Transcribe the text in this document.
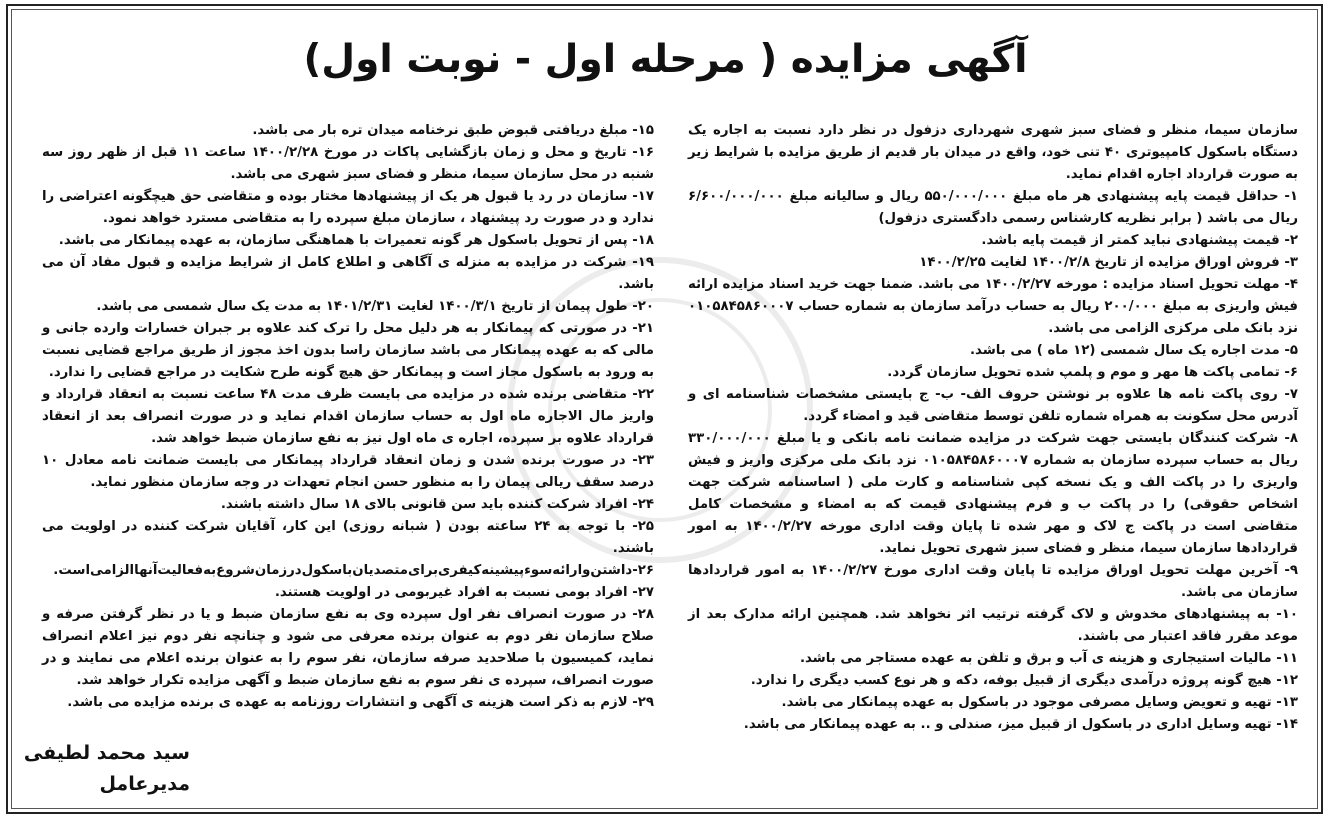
آگهی مزایده ( مرحله اول - نوبت اول)

سازمان سیما، منظر و فضای سبز شهری شهرداری دزفول در نظر دارد نسبت به اجاره یک دستگاه باسکول کامپیوتری ۴۰ تنی خود، واقع در میدان بار قدیم از طریق مزایده با شرایط زیر به صورت قرارداد اجاره اقدام نماید.

۱- حداقل قیمت پایه پیشنهادی هر ماه مبلغ ۵۵۰/۰۰۰/۰۰۰ ریال و سالیانه مبلغ ۶/۶۰۰/۰۰۰/۰۰۰ ریال می باشد ( برابر نظریه کارشناس رسمی دادگستری دزفول)

۲- قیمت پیشنهادی نباید کمتر از قیمت پایه باشد.

۳- فروش اوراق مزایده از تاریخ ۱۴۰۰/۲/۸ لغایت ۱۴۰۰/۲/۲۵

۴- مهلت تحویل اسناد مزایده : مورخه ۱۴۰۰/۲/۲۷ می باشد. ضمنا جهت خرید اسناد مزایده ارائه فیش واریزی به مبلغ ۲۰۰/۰۰۰ ریال به حساب درآمد سازمان به شماره حساب ۰۱۰۵۸۴۵۸۶۰۰۰۷ نزد بانک ملی مرکزی الزامی می باشد.

۵- مدت اجاره یک سال شمسی (۱۲ ماه ) می باشد.

۶- تمامی پاکت ها مهر و موم و پلمپ شده تحویل سازمان گردد.

۷- روی پاکت نامه ها علاوه بر نوشتن حروف الف- ب- ج بایستی مشخصات شناسنامه ای و آدرس محل سکونت به همراه شماره تلفن توسط متقاضی قید و امضاء گردد.

۸- شرکت کنندگان بایستی جهت شرکت در مزایده ضمانت نامه بانکی و یا مبلغ ۳۳۰/۰۰۰/۰۰۰ ریال به حساب سپرده سازمان به شماره ۰۱۰۵۸۴۵۸۶۰۰۰۷ نزد بانک ملی مرکزی واریز و فیش واریزی را در پاکت الف و یک نسخه کپی شناسنامه و کارت ملی ( اساسنامه شرکت جهت اشخاص حقوقی) را در پاکت ب و فرم پیشنهادی قیمت که به امضاء و مشخصات کامل متقاضی است در پاکت ج لاک و مهر شده تا پایان وقت اداری مورخه ۱۴۰۰/۲/۲۷ به امور قراردادها سازمان سیما، منظر و فضای سبز شهری تحویل نماید.

۹- آخرین مهلت تحویل اوراق مزایده تا پایان وقت اداری مورخ ۱۴۰۰/۲/۲۷ به امور قراردادها سازمان می باشد.

۱۰- به پیشنهادهای مخدوش و لاک گرفته ترتیب اثر نخواهد شد. همچنین ارائه مدارک بعد از موعد مقرر فاقد اعتبار می باشند.

۱۱- مالیات استیجاری و هزینه ی آب و برق و تلفن به عهده مستاجر می باشد.

۱۲- هیچ گونه پروژه درآمدی دیگری از قبیل بوفه، دکه و هر نوع کسب دیگری را ندارد.

۱۳- تهیه و تعویض وسایل مصرفی موجود در باسکول به عهده پیمانکار می باشد.

۱۴- تهیه وسایل اداری در باسکول از قبیل میز، صندلی و .. به عهده پیمانکار می باشد.

۱۵- مبلغ دریافتی قبوض طبق نرخنامه میدان تره بار می باشد.

۱۶- تاریخ و محل و زمان بازگشایی پاکات در مورخ ۱۴۰۰/۲/۲۸ ساعت ۱۱ قبل از ظهر روز سه شنبه در محل سازمان سیما، منظر و فضای سبز شهری می باشد.

۱۷- سازمان در رد یا قبول هر یک از پیشنهادها مختار بوده و متقاضی حق هیچگونه اعتراضی را ندارد و در صورت رد پیشنهاد ، سازمان مبلغ سپرده را به متقاضی مسترد خواهد نمود.

۱۸- پس از تحویل باسکول هر گونه تعمیرات با هماهنگی سازمان، به عهده پیمانکار می باشد.

۱۹- شرکت در مزایده به منزله ی آگاهی و اطلاع کامل از شرایط مزایده و قبول مفاد آن می باشد.

۲۰- طول پیمان از تاریخ ۱۴۰۰/۳/۱ لغایت ۱۴۰۱/۲/۳۱ به مدت یک سال شمسی می باشد.

۲۱- در صورتی که پیمانکار به هر دلیل محل را ترک کند علاوه بر جبران خسارات وارده جانی و مالی که به عهده پیمانکار می باشد سازمان راسا بدون اخذ مجوز از طریق مراجع قضایی نسبت به ورود به باسکول مجاز است و پیمانکار حق هیچ گونه طرح شکایت در مراجع قضایی را ندارد.

۲۲- متقاضی برنده شده در مزایده می بایست ظرف مدت ۴۸ ساعت نسبت به انعقاد قرارداد و واریز مال الاجاره ماه اول به حساب سازمان اقدام نماید و در صورت انصراف بعد از انعقاد قرارداد علاوه بر سپرده، اجاره ی ماه اول نیز به نفع سازمان ضبط خواهد شد.

۲۳- در صورت برنده شدن و زمان انعقاد قرارداد پیمانکار می بایست ضمانت نامه معادل ۱۰ درصد سقف ریالی پیمان را به منظور حسن انجام تعهدات در وجه سازمان منظور نماید.

۲۴- افراد شرکت کننده باید سن قانونی بالای ۱۸ سال داشته باشند.

۲۵- با توجه به ۲۴ ساعته بودن ( شبانه روزی) این کار، آقایان شرکت کننده در اولویت می باشند.

۲۶-داشتن‌وارائه‌سوءپیشینه‌کیفری‌برای‌متصدیان‌باسکول‌درزمان‌شروع‌به‌فعالیت‌آنهاالزامی‌است.

۲۷- افراد بومی نسبت به افراد غیربومی در اولویت هستند.

۲۸- در صورت انصراف نفر اول سپرده وی به نفع سازمان ضبط و یا در نظر گرفتن صرفه و صلاح سازمان نفر دوم به عنوان برنده معرفی می شود و چنانچه نفر دوم نیز اعلام انصراف نماید، کمیسیون با صلاحدید صرفه سازمان، نفر سوم را به عنوان برنده اعلام می نمایند و در صورت انصراف، سپرده ی نفر سوم به نفع سازمان ضبط و آگهی مزایده تکرار خواهد شد.

۲۹- لازم به ذکر است هزینه ی آگهی و انتشارات روزنامه به عهده ی برنده مزایده می باشد.

سید محمد لطیفی
مدیرعامل
